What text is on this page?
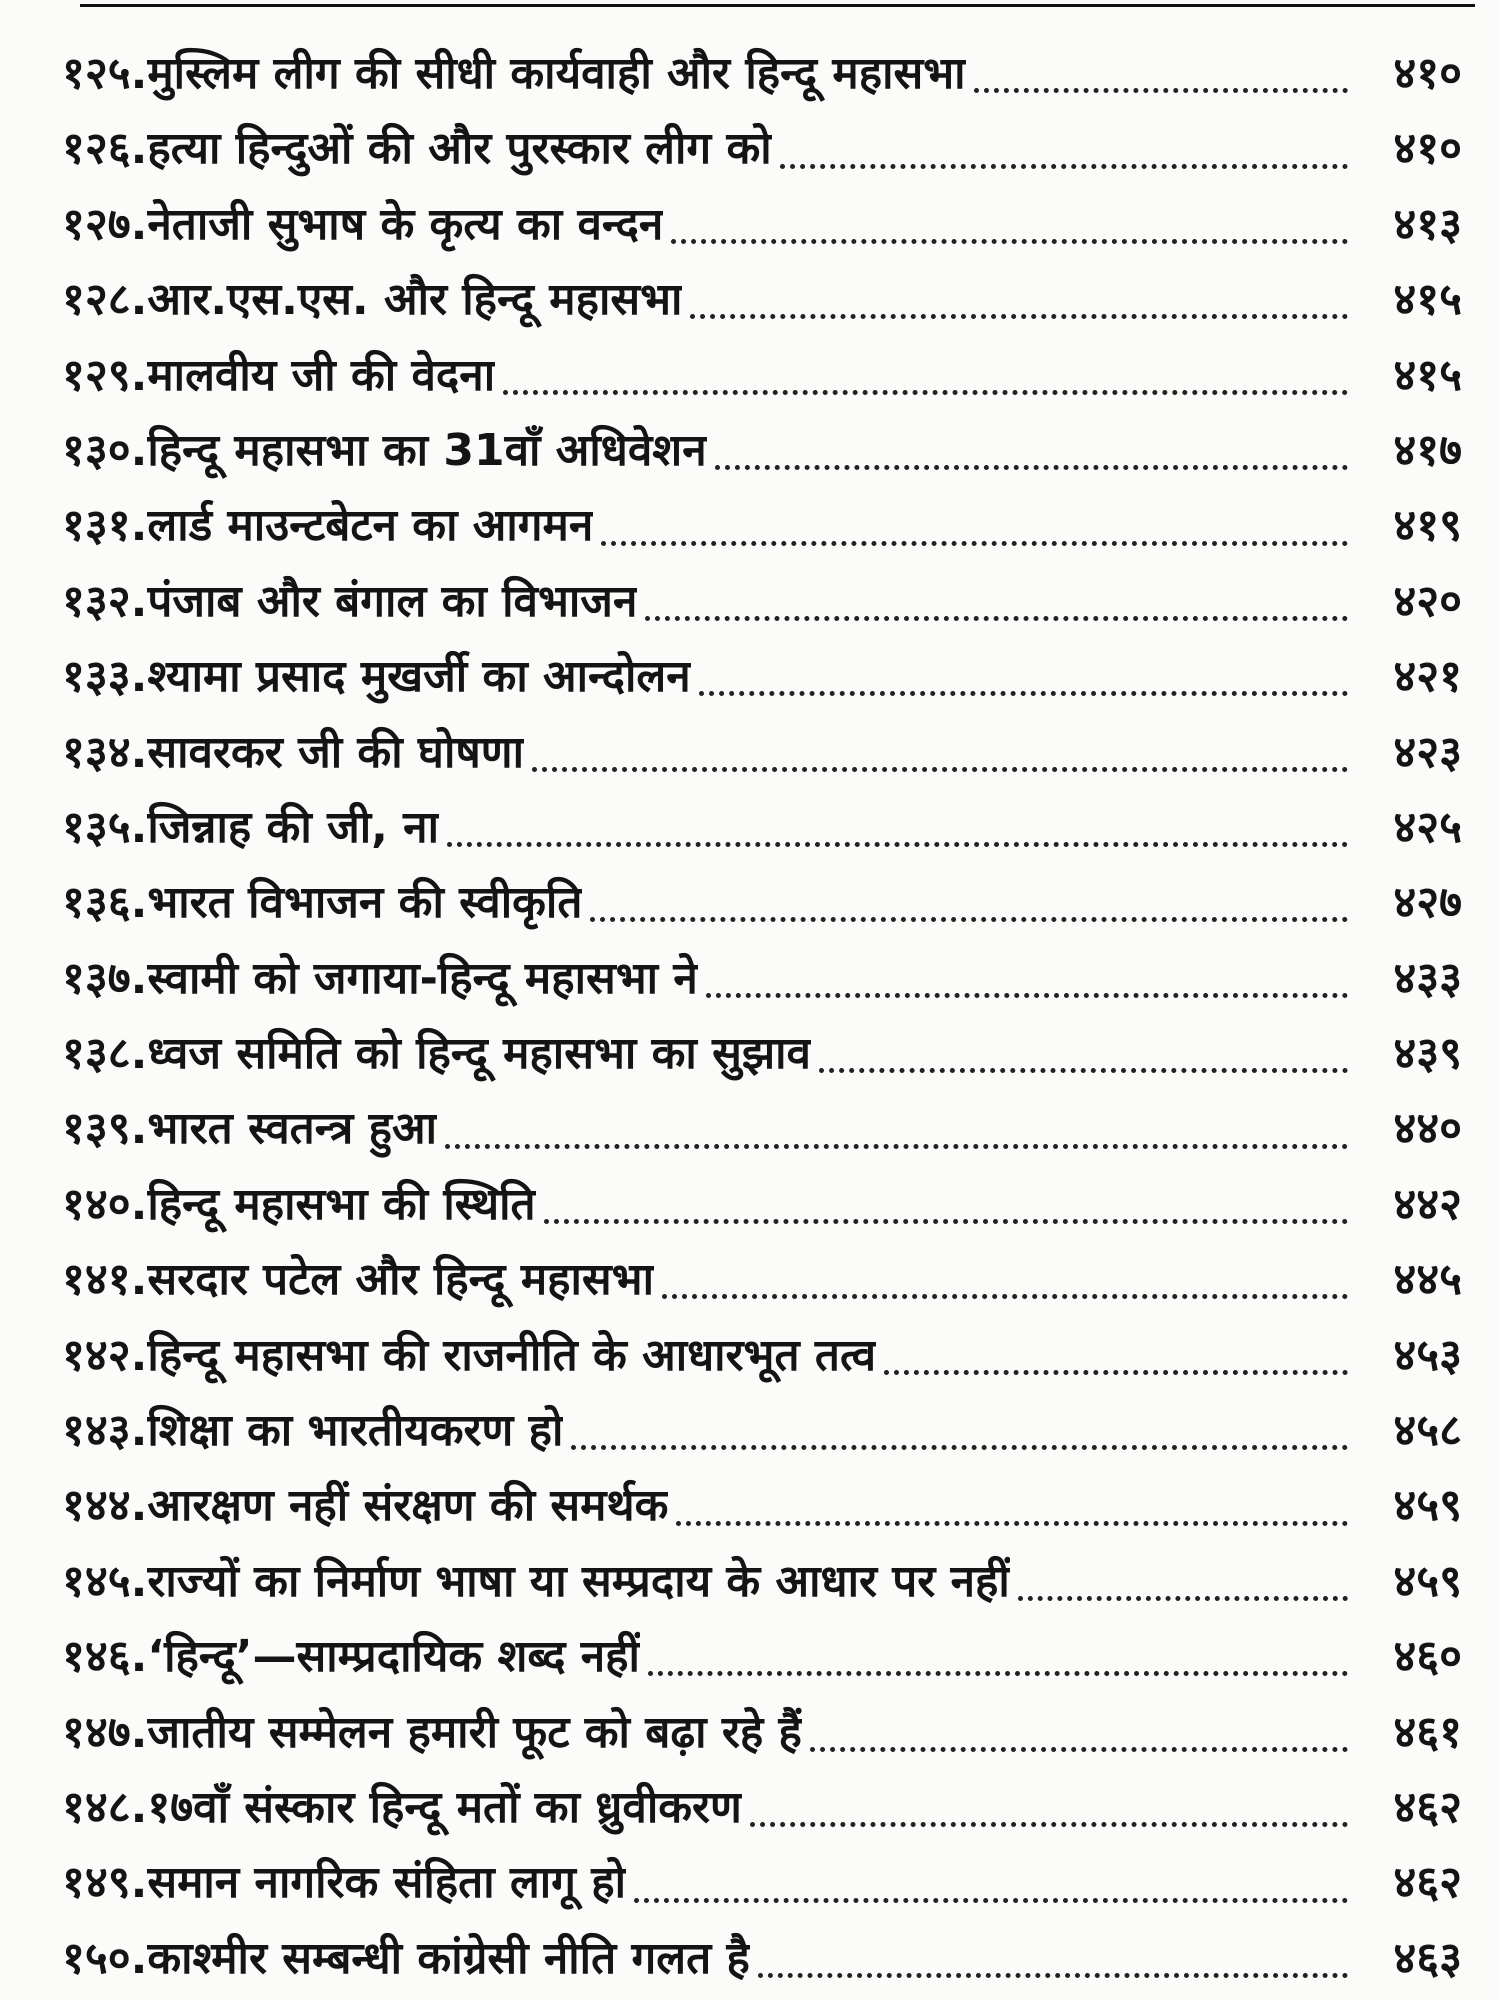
१२५. मुस्लिम लीग की सीधी कार्यवाही और हिन्दू महासभा	४१०
१२६. हत्या हिन्दुओं की और पुरस्कार लीग को	४१०
१२७. नेताजी सुभाष के कृत्य का वन्दन	४१३
१२८. आर.एस.एस. और हिन्दू महासभा	४१५
१२९. मालवीय जी की वेदना	४१५
१३०. हिन्दू महासभा का 31वाँ अधिवेशन	४१७
१३१. लार्ड माउन्टबेटन का आगमन	४१९
१३२. पंजाब और बंगाल का विभाजन	४२०
१३३. श्यामा प्रसाद मुखर्जी का आन्दोलन	४२१
१३४. सावरकर जी की घोषणा	४२३
१३५. जिन्नाह की जी, ना	४२५
१३६. भारत विभाजन की स्वीकृति	४२७
१३७. स्वामी को जगाया-हिन्दू महासभा ने	४३३
१३८. ध्वज समिति को हिन्दू महासभा का सुझाव	४३९
१३९. भारत स्वतन्त्र हुआ	४४०
१४०. हिन्दू महासभा की स्थिति	४४२
१४१. सरदार पटेल और हिन्दू महासभा	४४५
१४२. हिन्दू महासभा की राजनीति के आधारभूत तत्व	४५३
१४३. शिक्षा का भारतीयकरण हो	४५८
१४४. आरक्षण नहीं संरक्षण की समर्थक	४५९
१४५. राज्यों का निर्माण भाषा या सम्प्रदाय के आधार पर नहीं	४५९
१४६. ‘हिन्दू’—साम्प्रदायिक शब्द नहीं	४६०
१४७. जातीय सम्मेलन हमारी फूट को बढ़ा रहे हैं	४६१
१४८. १७वाँ संस्कार हिन्दू मतों का ध्रुवीकरण	४६२
१४९. समान नागरिक संहिता लागू हो	४६२
१५०. काश्मीर सम्बन्धी कांग्रेसी नीति गलत है	४६३
